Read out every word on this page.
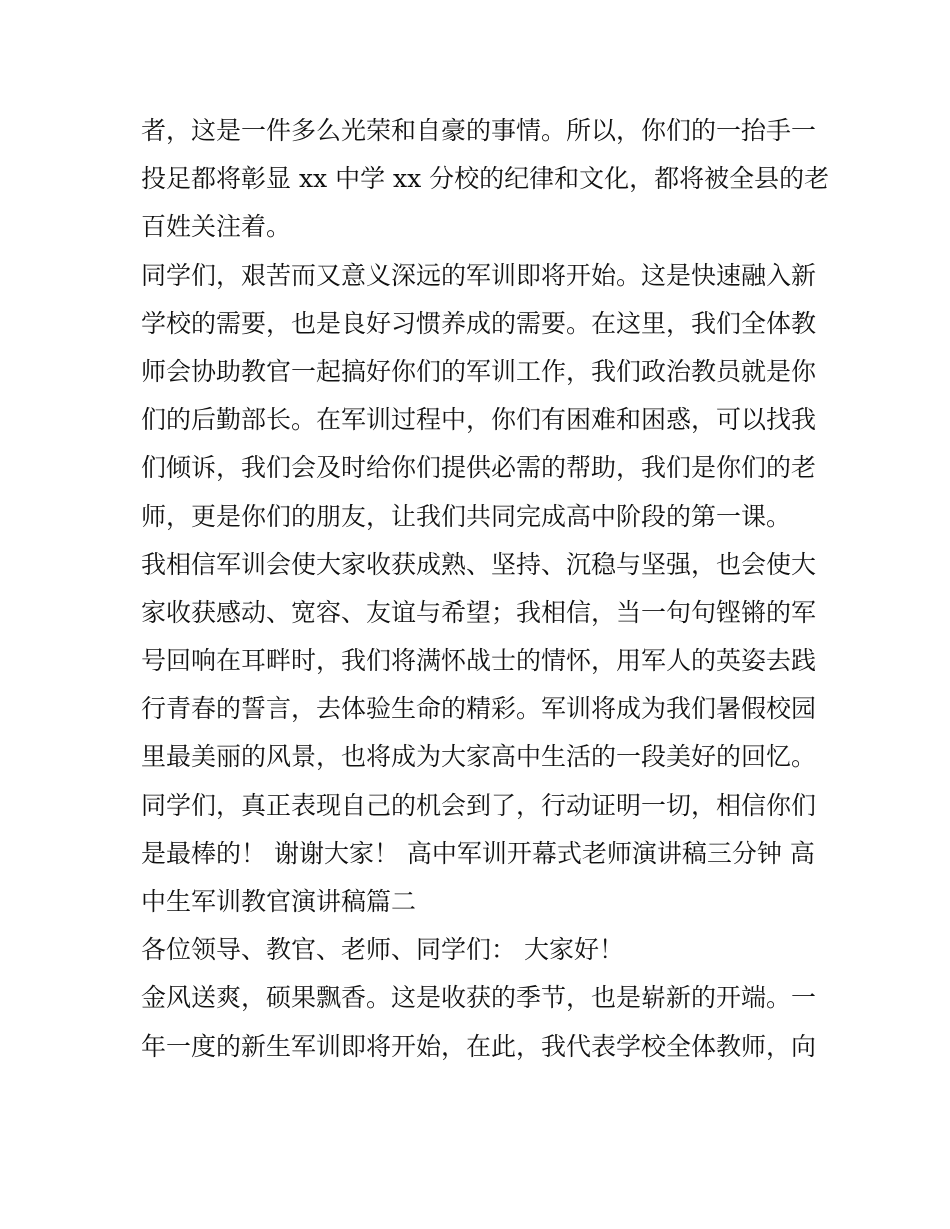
者，这是一件多么光荣和自豪的事情。所以，你们的一抬手一
投足都将彰显 xx 中学 xx 分校的纪律和文化，都将被全县的老
百姓关注着。
同学们，艰苦而又意义深远的军训即将开始。这是快速融入新
学校的需要，也是良好习惯养成的需要。在这里，我们全体教
师会协助教官一起搞好你们的军训工作，我们政治教员就是你
们的后勤部长。在军训过程中，你们有困难和困惑，可以找我
们倾诉，我们会及时给你们提供必需的帮助，我们是你们的老
师，更是你们的朋友，让我们共同完成高中阶段的第一课。
我相信军训会使大家收获成熟、坚持、沉稳与坚强，也会使大
家收获感动、宽容、友谊与希望；我相信，当一句句铿锵的军
号回响在耳畔时，我们将满怀战士的情怀，用军人的英姿去践
行青春的誓言，去体验生命的精彩。军训将成为我们暑假校园
里最美丽的风景，也将成为大家高中生活的一段美好的回忆。
同学们，真正表现自己的机会到了，行动证明一切，相信你们
是最棒的！ 谢谢大家！ 高中军训开幕式老师演讲稿三分钟 高
中生军训教官演讲稿篇二
各位领导、教官、老师、同学们： 大家好！
金风送爽，硕果飘香。这是收获的季节，也是崭新的开端。一
年一度的新生军训即将开始，在此，我代表学校全体教师，向
